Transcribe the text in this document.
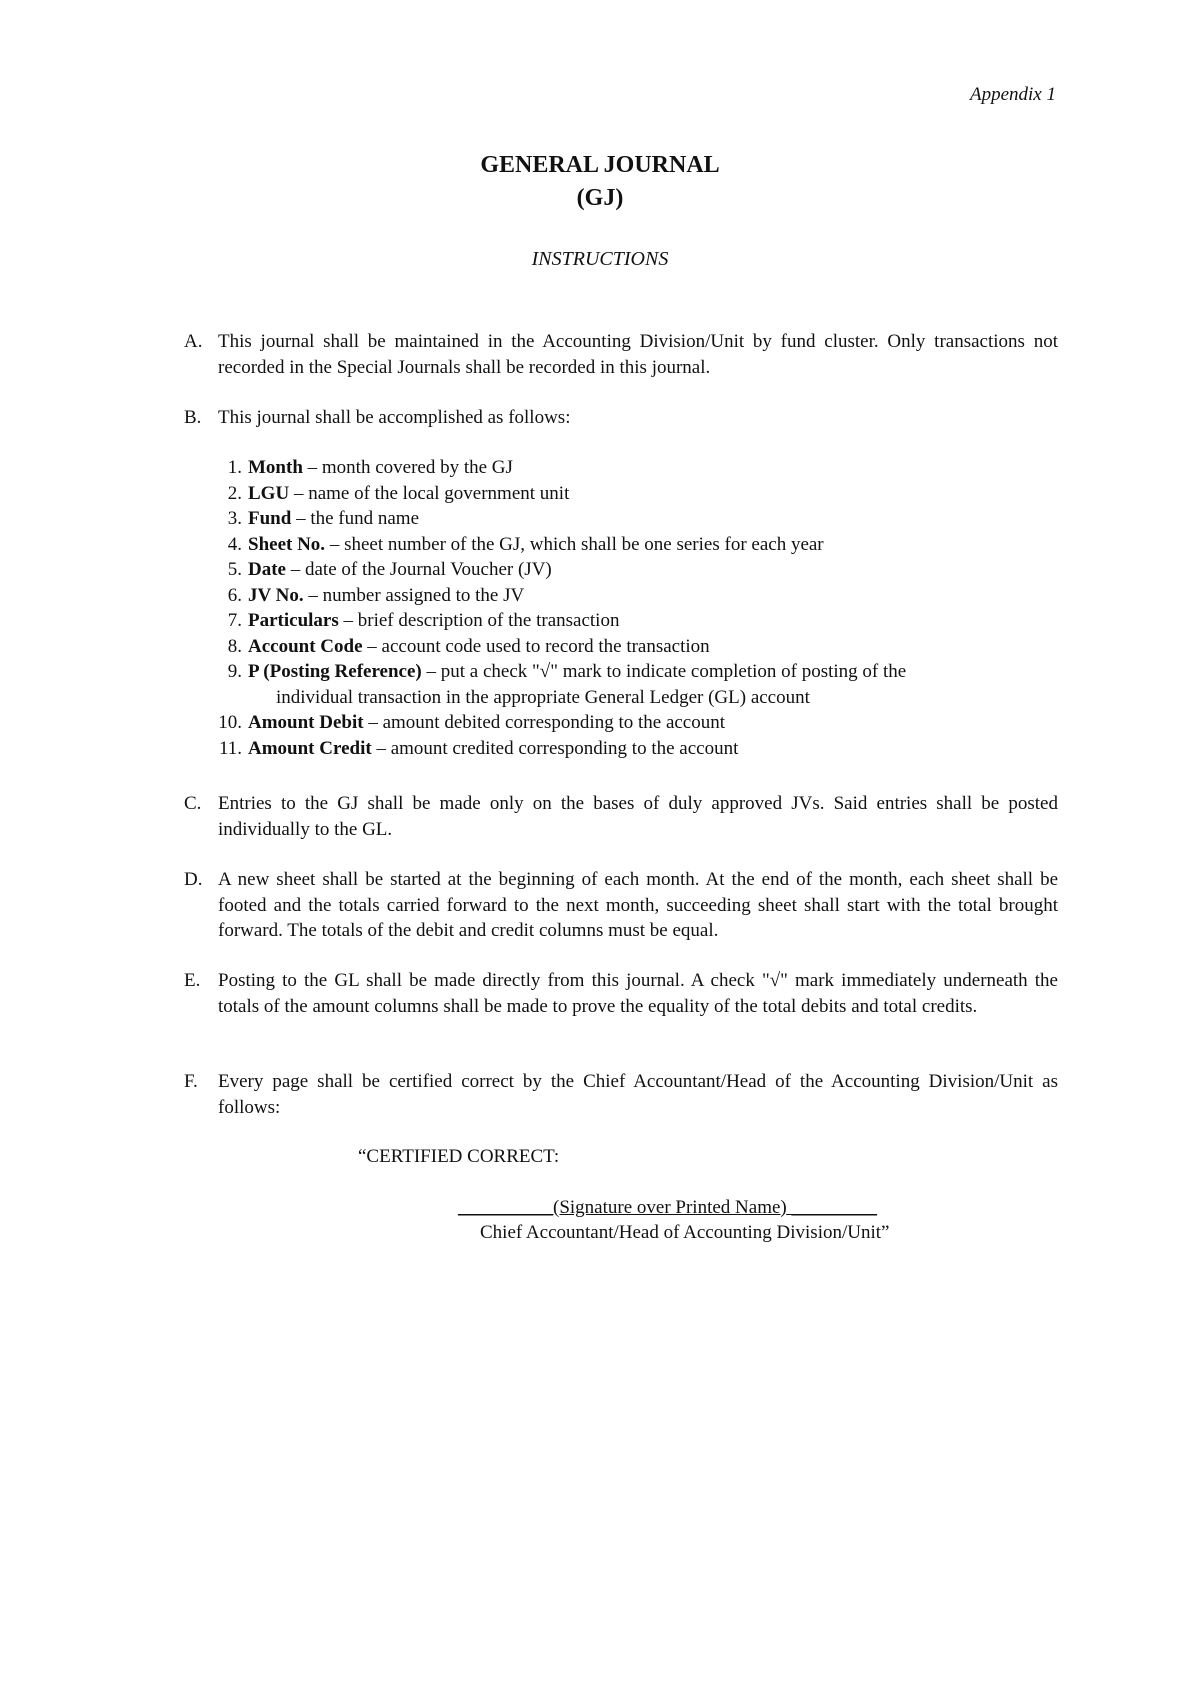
Appendix 1
GENERAL JOURNAL
(GJ)
INSTRUCTIONS
A. This journal shall be maintained in the Accounting Division/Unit by fund cluster. Only transactions not recorded in the Special Journals shall be recorded in this journal.
B. This journal shall be accomplished as follows:
1. Month – month covered by the GJ
2. LGU – name of the local government unit
3. Fund – the fund name
4. Sheet No. – sheet number of the GJ, which shall be one series for each year
5. Date – date of the Journal Voucher (JV)
6. JV No. – number assigned to the JV
7. Particulars – brief description of the transaction
8. Account Code – account code used to record the transaction
9. P (Posting Reference) – put a check "√" mark to indicate completion of posting of the
individual transaction in the appropriate General Ledger (GL) account
10. Amount Debit – amount debited corresponding to the account
11. Amount Credit – amount credited corresponding to the account
C. Entries to the GJ shall be made only on the bases of duly approved JVs. Said entries shall be posted individually to the GL.
D. A new sheet shall be started at the beginning of each month. At the end of the month, each sheet shall be footed and the totals carried forward to the next month, succeeding sheet shall start with the total brought forward. The totals of the debit and credit columns must be equal.
E. Posting to the GL shall be made directly from this journal. A check "√" mark immediately underneath the totals of the amount columns shall be made to prove the equality of the total debits and total credits.
F. Every page shall be certified correct by the Chief Accountant/Head of the Accounting Division/Unit as follows:
“CERTIFIED CORRECT:
__________(Signature over Printed Name) _________
Chief Accountant/Head of Accounting Division/Unit”
